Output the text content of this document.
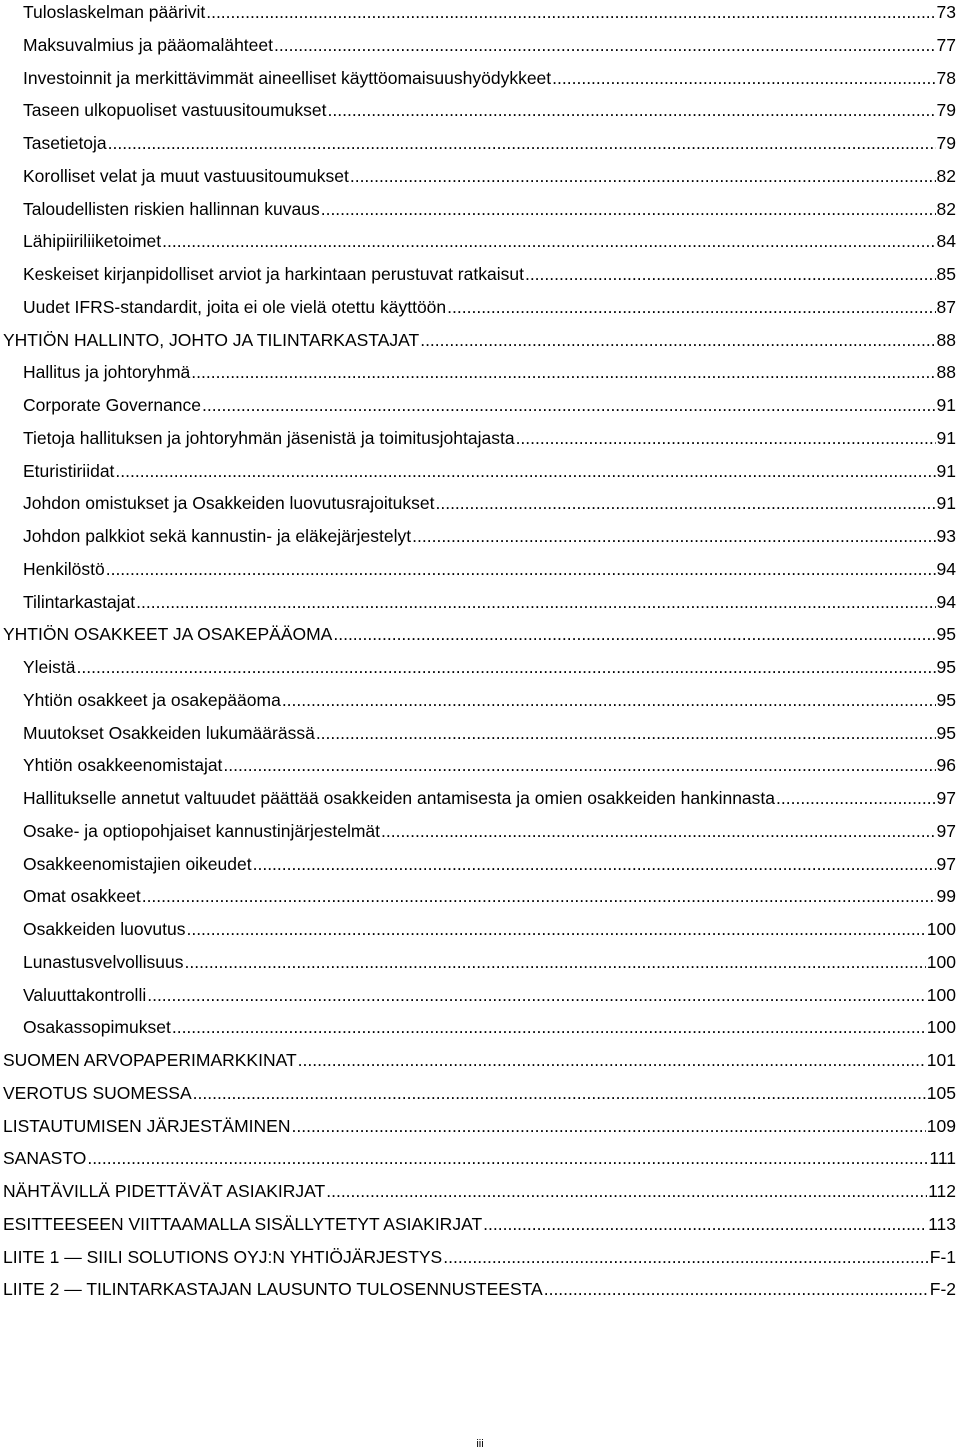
Tuloslaskelman päärivit .....	73
Maksuvalmius ja pääomalähteet .....	77
Investoinnit ja merkittävimmät aineelliset käyttöomaisuushyödykkeet .....	78
Taseen ulkopuoliset vastuusitoumukset .....	79
Tasetietoja .....	79
Korolliset velat ja muut vastuusitoumukset .....	82
Taloudellisten riskien hallinnan kuvaus .....	82
Lähipiiriliiketoimet .....	84
Keskeiset kirjanpidolliset arviot ja harkintaan perustuvat ratkaisut .....	85
Uudet IFRS-standardit, joita ei ole vielä otettu käyttöön .....	87
YHTIÖN HALLINTO, JOHTO JA TILINTARKASTAJAT .....	88
Hallitus ja johtoryhmä .....	88
Corporate Governance .....	91
Tietoja hallituksen ja johtoryhmän jäsenistä ja toimitusjohtajasta .....	91
Eturistiriidat .....	91
Johdon omistukset ja Osakkeiden luovutusrajoitukset .....	91
Johdon palkkiot sekä kannustin- ja eläkejärjestelyt .....	93
Henkilöstö .....	94
Tilintarkastajat .....	94
YHTIÖN OSAKKEET JA OSAKEPÄÄOMA .....	95
Yleistä .....	95
Yhtiön osakkeet ja osakepääoma .....	95
Muutokset Osakkeiden lukumäärässä .....	95
Yhtiön osakkeenomistajat .....	96
Hallitukselle annetut valtuudet päättää osakkeiden antamisesta ja omien osakkeiden hankinnasta .....	97
Osake- ja optiopohjaiset kannustinjärjestelmät .....	97
Osakkeenomistajien oikeudet .....	97
Omat osakkeet .....	99
Osakkeiden luovutus .....	100
Lunastusvelvollisuus .....	100
Valuuttakontrolli .....	100
Osakassopimukset .....	100
SUOMEN ARVOPAPERIMARKKINAT .....	101
VEROTUS SUOMESSA .....	105
LISTAUTUMISEN JÄRJESTÄMINEN .....	109
SANASTO .....	111
NÄHTÄVILLÄ PIDETTÄVÄT ASIAKIRJAT .....	112
ESITTEESEEN VIITTAAMALLA SISÄLLYTETYT ASIAKIRJAT .....	113
LIITE 1 — SIILI SOLUTIONS OYJ:N YHTIÖJÄRJESTYS .....	F-1
LIITE 2 — TILINTARKASTAJAN LAUSUNTO TULOSENNUSTEESTA .....	F-2
iii
